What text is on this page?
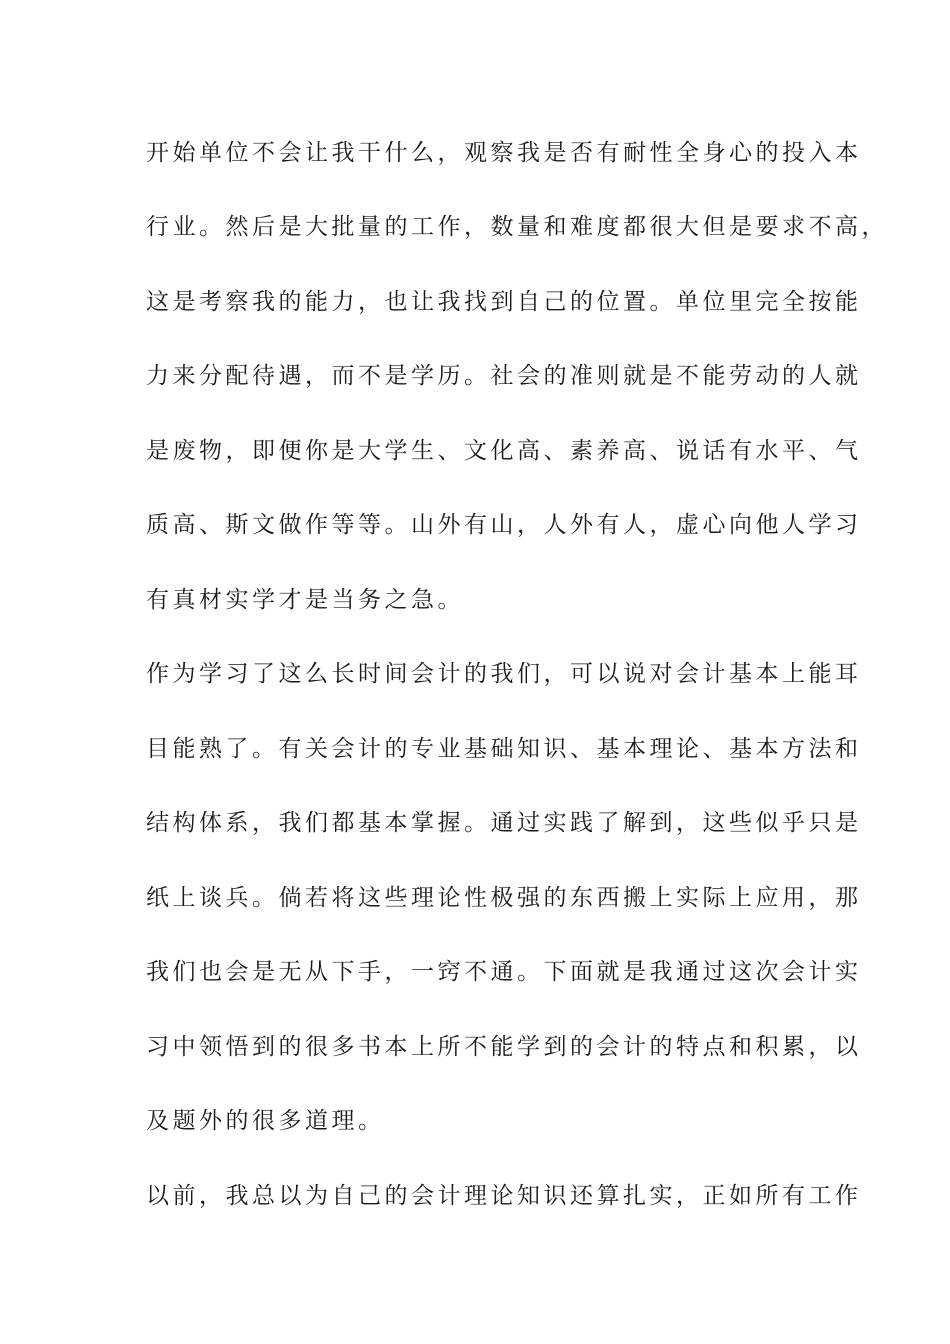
开始单位不会让我干什么，观察我是否有耐性全身心的投入本
行业。然后是大批量的工作，数量和难度都很大但是要求不高，
这是考察我的能力，也让我找到自己的位置。单位里完全按能
力来分配待遇，而不是学历。社会的准则就是不能劳动的人就
是废物，即便你是大学生、文化高、素养高、说话有水平、气
质高、斯文做作等等。山外有山，人外有人，虚心向他人学习
有真材实学才是当务之急。
作为学习了这么长时间会计的我们，可以说对会计基本上能耳
目能熟了。有关会计的专业基础知识、基本理论、基本方法和
结构体系，我们都基本掌握。通过实践了解到，这些似乎只是
纸上谈兵。倘若将这些理论性极强的东西搬上实际上应用，那
我们也会是无从下手，一窍不通。下面就是我通过这次会计实
习中领悟到的很多书本上所不能学到的会计的特点和积累，以
及题外的很多道理。
以前，我总以为自己的会计理论知识还算扎实，正如所有工作
